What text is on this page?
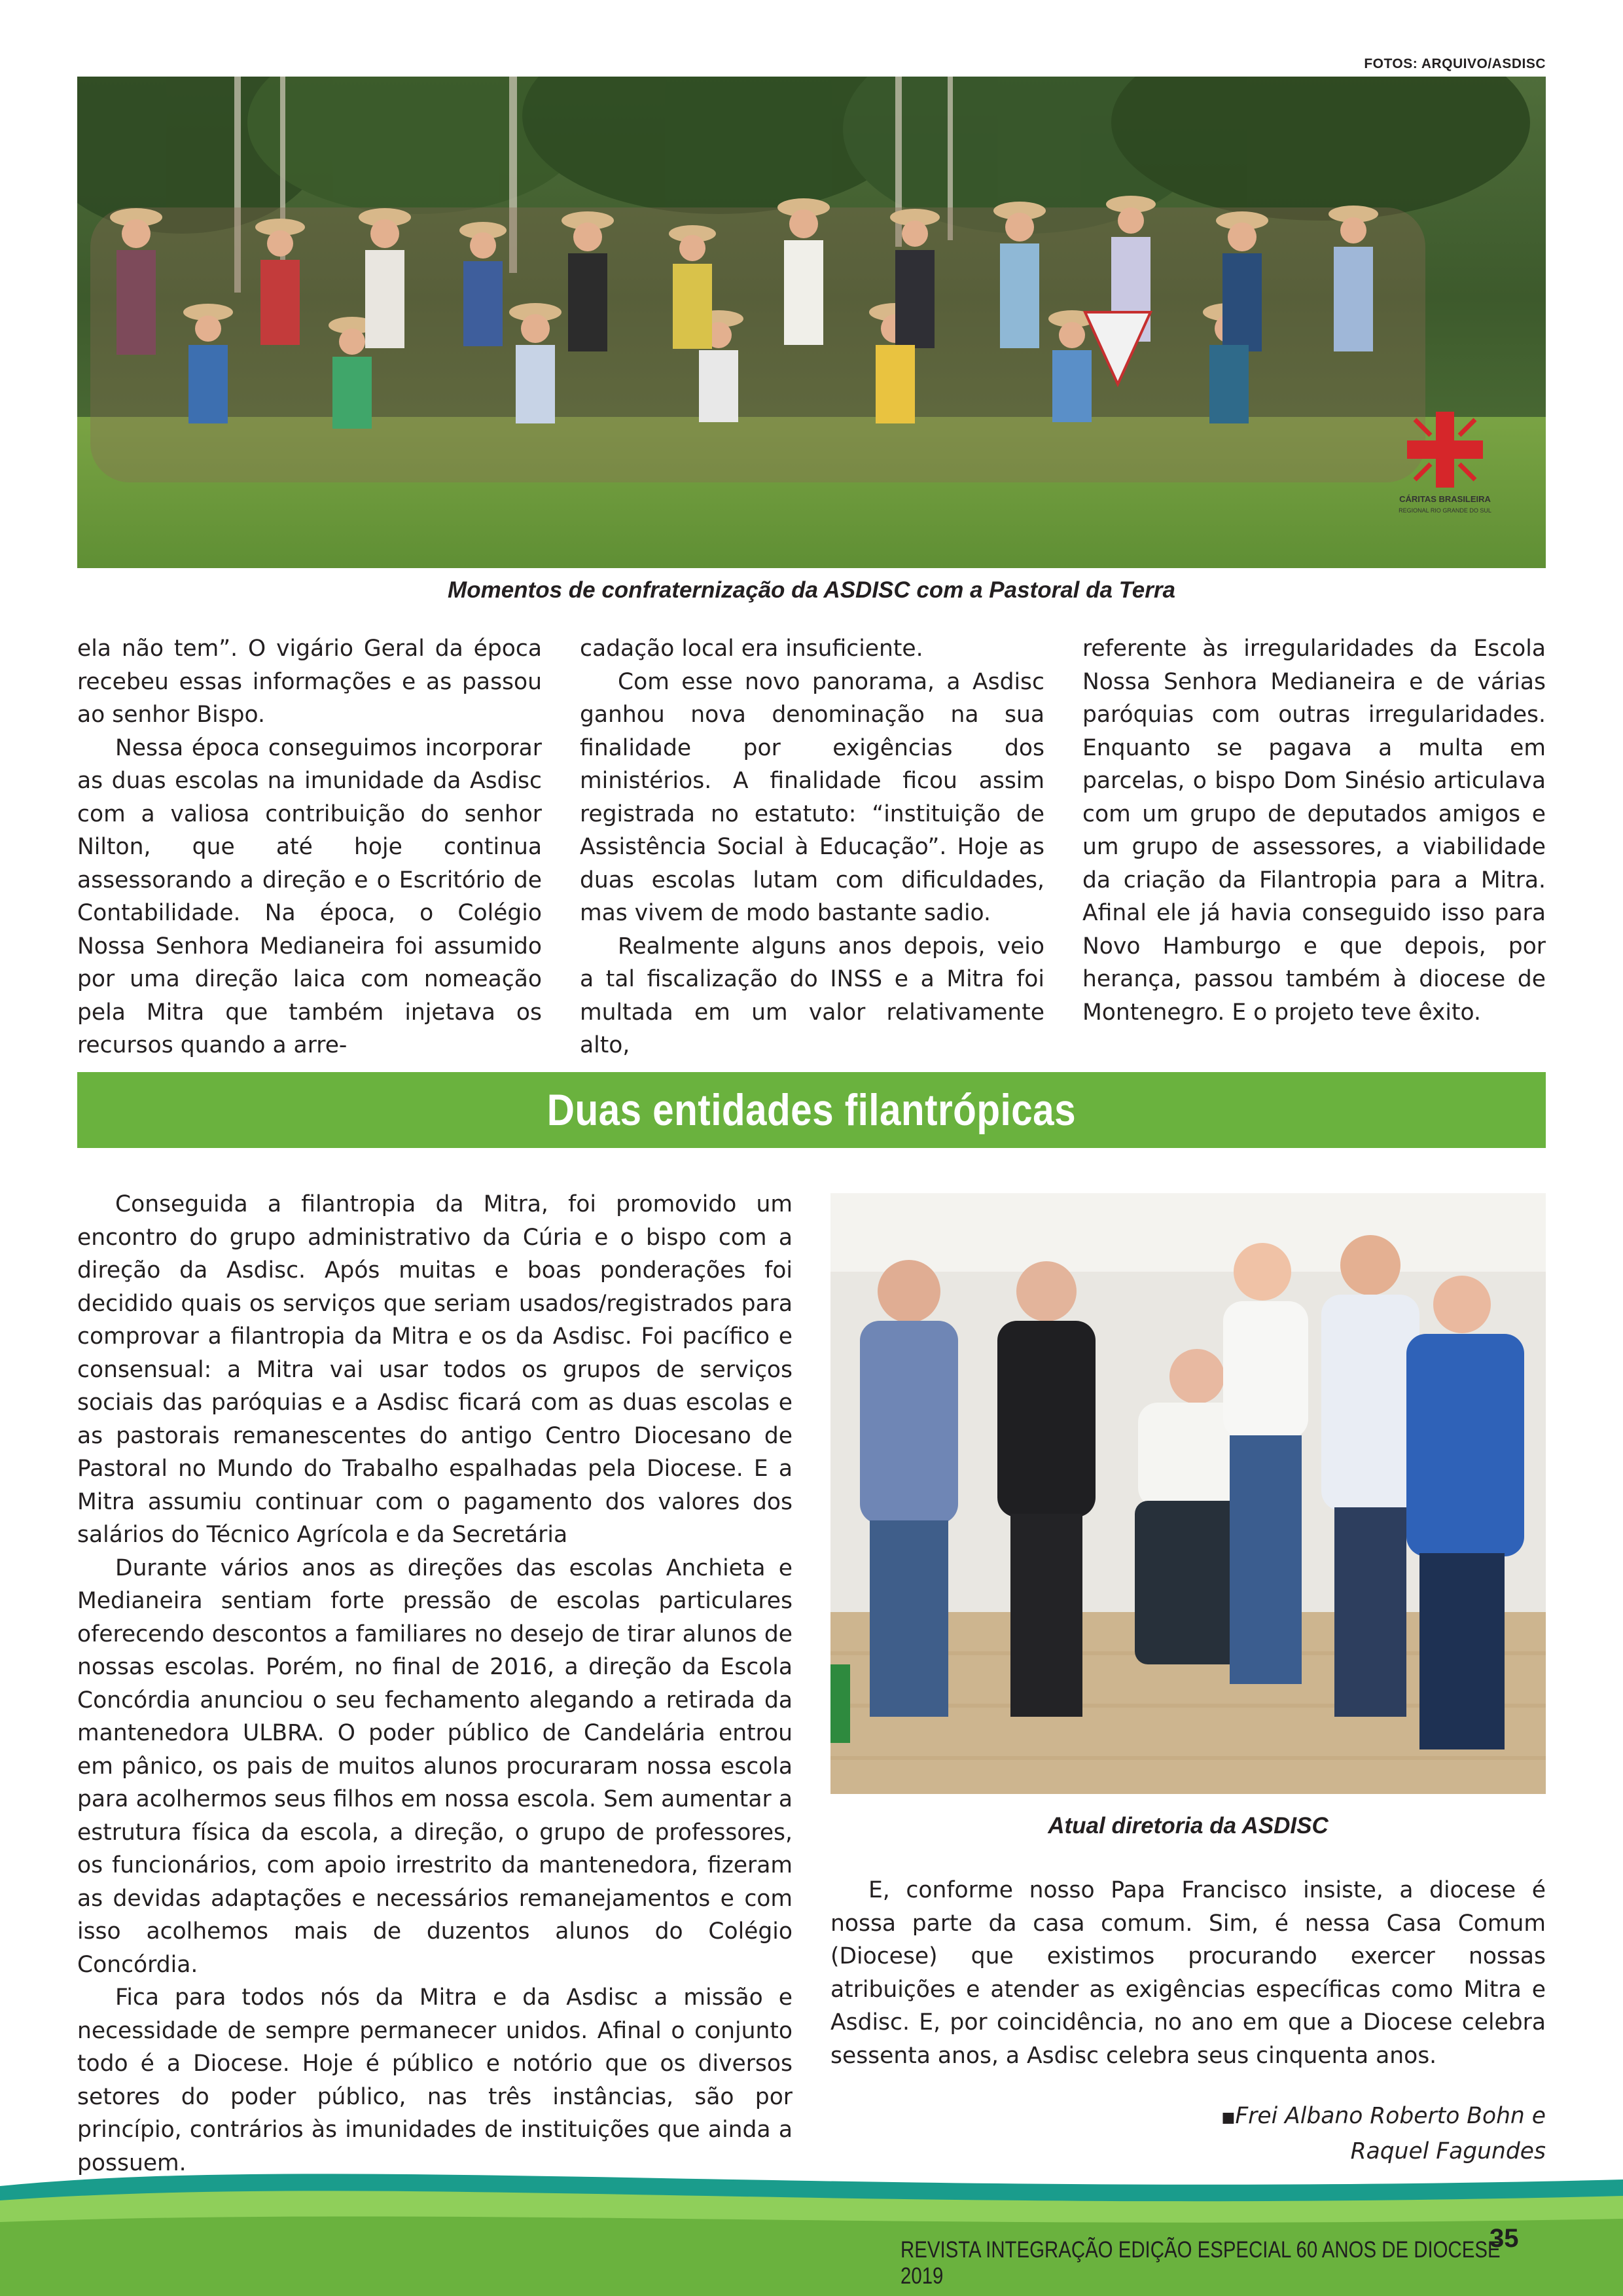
FOTOS: ARQUIVO/ASDISC
CÁRITAS BRASILEIRA
REGIONAL RIO GRANDE DO SUL
Momentos de confraternização da ASDISC com a Pastoral da Terra

ela não tem”. O vigário Geral da época recebeu essas informações e as passou ao senhor Bispo.

Nessa época conseguimos incorporar as duas escolas na imunidade da Asdisc com a valiosa contribuição do senhor Nilton, que até hoje continua assessorando a direção e o Escritório de Contabilidade. Na época, o Colégio Nossa Senhora Medianeira foi assumido por uma direção laica com nomeação pela Mitra que também injetava os recursos quando a arre-

cadação local era insuficiente.

Com esse novo panorama, a Asdisc ganhou nova denominação na sua finalidade por exigências dos ministérios. A finalidade ficou assim registrada no estatuto: “instituição de Assistência Social à Educação”. Hoje as duas escolas lutam com dificuldades, mas vivem de modo bastante sadio.

Realmente alguns anos depois, veio a tal fiscalização do INSS e a Mitra foi multada em um valor relativamente alto,

referente às irregularidades da Escola Nossa Senhora Medianeira e de várias paróquias com outras irregularidades. Enquanto se pagava a multa em parcelas, o bispo Dom Sinésio articulava com um grupo de deputados amigos e um grupo de assessores, a viabilidade da criação da Filantropia para a Mitra. Afinal ele já havia conseguido isso para Novo Hamburgo e que depois, por herança, passou também à diocese de Montenegro. E o projeto teve êxito.

Duas entidades filantrópicas

Conseguida a filantropia da Mitra, foi promovido um encontro do grupo administrativo da Cúria e o bispo com a direção da Asdisc. Após muitas e boas ponderações foi decidido quais os serviços que seriam usados/registrados para comprovar a filantropia da Mitra e os da Asdisc. Foi pacífico e consensual: a Mitra vai usar todos os grupos de serviços sociais das paróquias e a Asdisc ficará com as duas escolas e as pastorais remanescentes do antigo Centro Diocesano de Pastoral no Mundo do Trabalho espalhadas pela Diocese. E a Mitra assumiu continuar com o pagamento dos valores dos salários do Técnico Agrícola e da Secretária

Durante vários anos as direções das escolas Anchieta e Medianeira sentiam forte pressão de escolas particulares oferecendo descontos a familiares no desejo de tirar alunos de nossas escolas. Porém, no final de 2016, a direção da Escola Concórdia anunciou o seu fechamento alegando a retirada da mantenedora ULBRA. O poder público de Candelária entrou em pânico, os pais de muitos alunos procuraram nossa escola para acolhermos seus filhos em nossa escola. Sem aumentar a estrutura física da escola, a direção, o grupo de professores, os funcionários, com apoio irrestrito da mantenedora, fizeram as devidas adaptações e necessários remanejamentos e com isso acolhemos mais de duzentos alunos do Colégio Concórdia.

Fica para todos nós da Mitra e da Asdisc a missão e necessidade de sempre permanecer unidos. Afinal o conjunto todo é a Diocese. Hoje é público e notório que os diversos setores do poder público, nas três instâncias, são por princípio, contrários às imunidades de instituições que ainda a possuem.

Atual diretoria da ASDISC

E, conforme nosso Papa Francisco insiste, a diocese é nossa parte da casa comum. Sim, é nessa Casa Comum (Diocese) que existimos procurando exercer nossas atribuições e atender as exigências específicas como Mitra e Asdisc. E, por coincidência, no ano em que a Diocese celebra sessenta anos, a Asdisc celebra seus cinquenta anos.

■Frei Albano Roberto Bohn e
Raquel Fagundes
REVISTA INTEGRAÇÃO EDIÇÃO ESPECIAL 60 ANOS DE DIOCESE 2019
35
